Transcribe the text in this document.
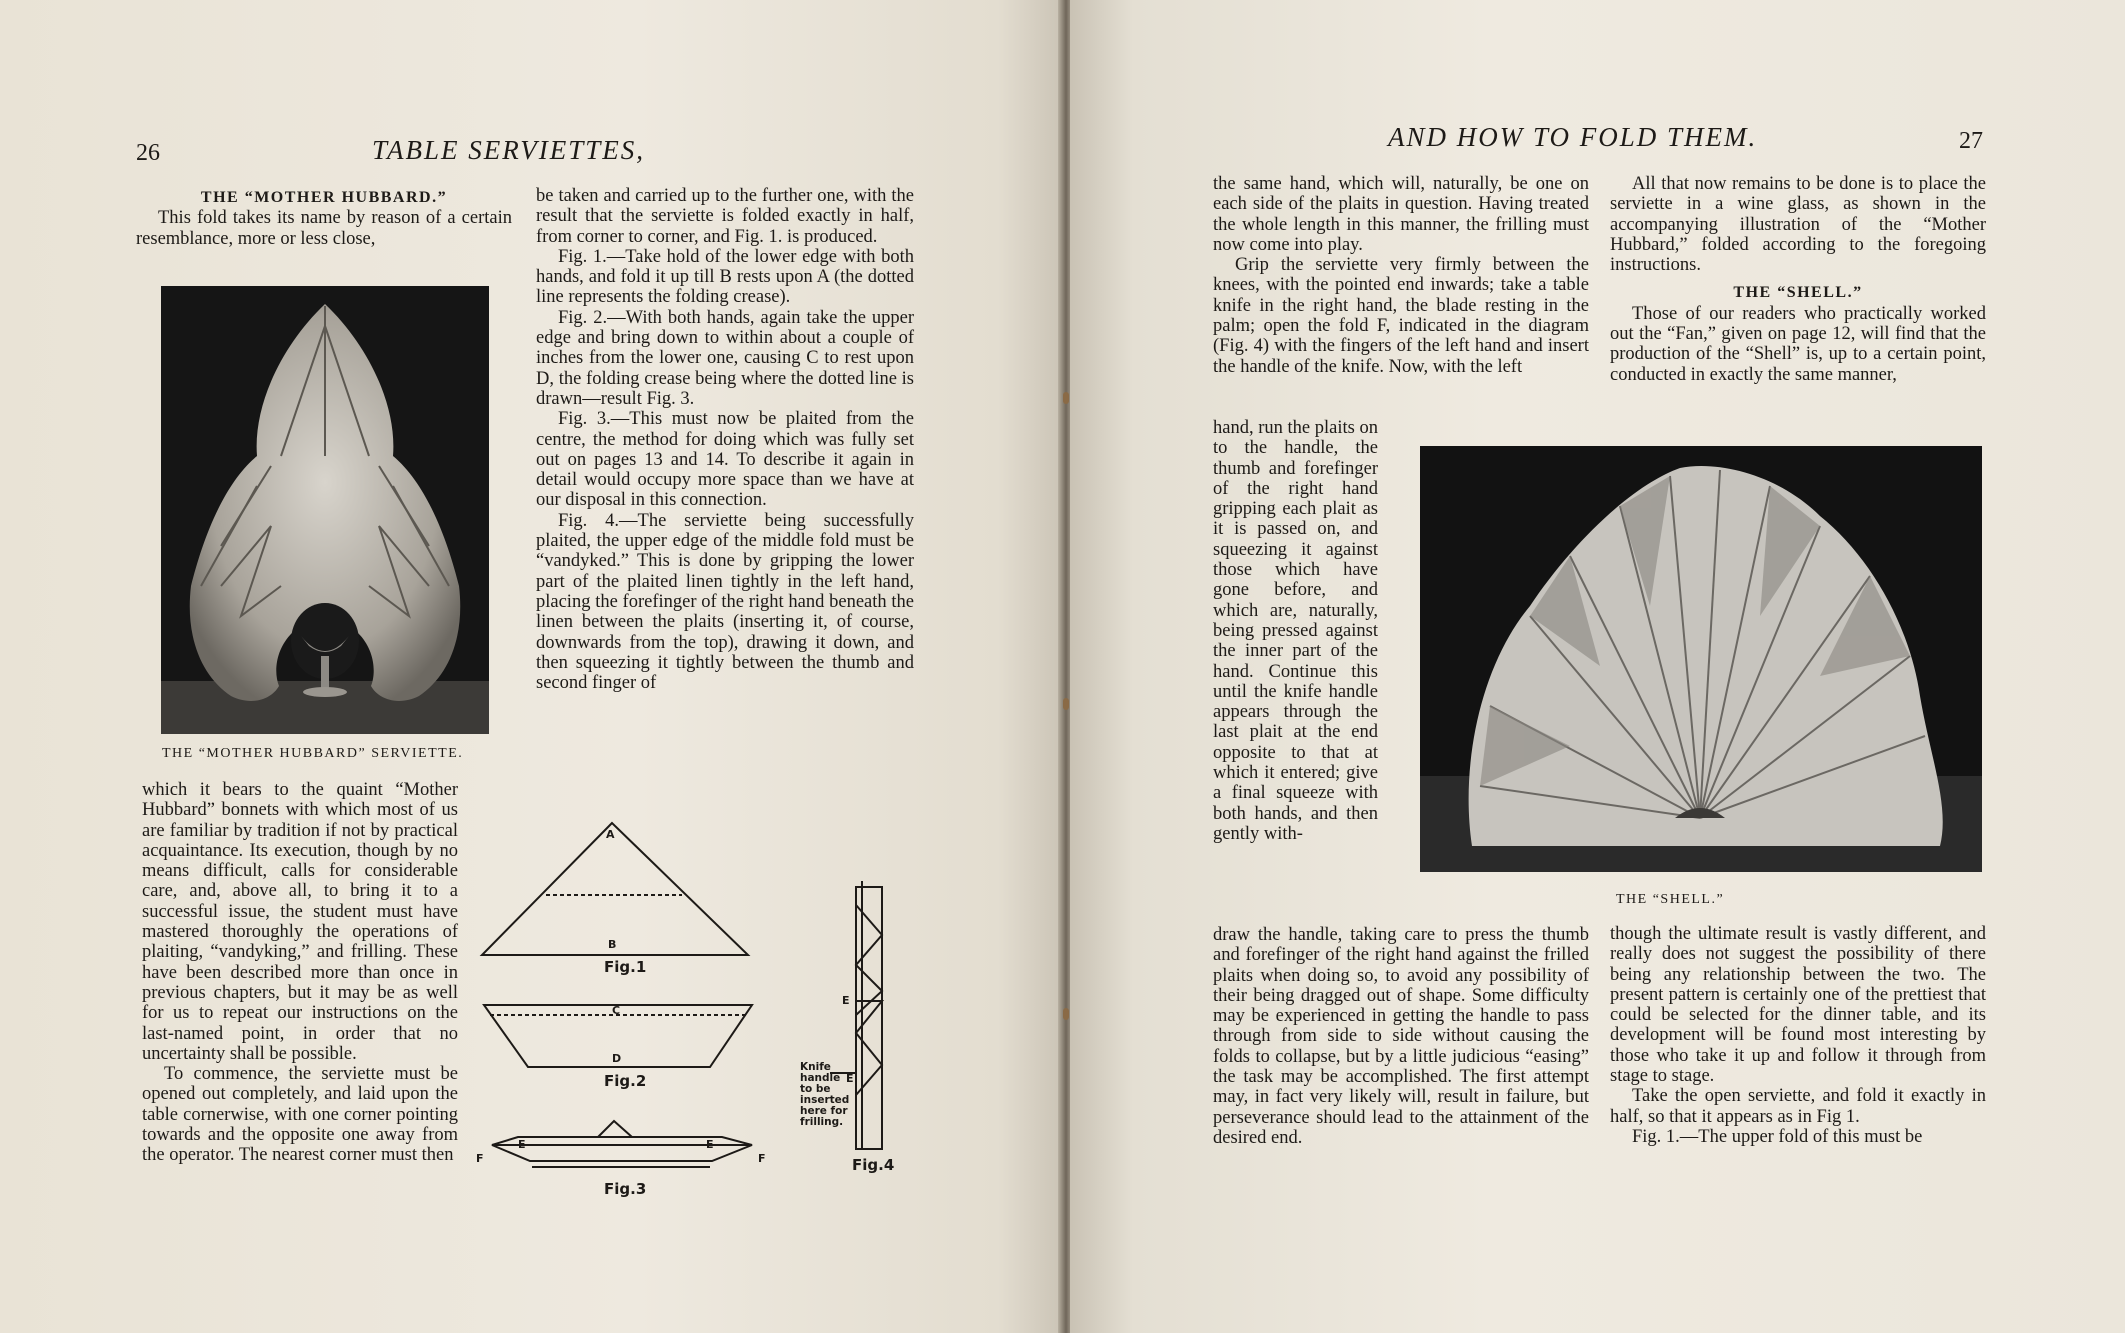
26	TABLE SERVIETTES,

THE “MOTHER HUBBARD.”

This fold takes its name by reason of a certain resemblance, more or less close,

THE “MOTHER HUBBARD” SERVIETTE.

which it bears to the quaint “Mother Hubbard” bonnets with which most of us are familiar by tradition if not by practical acquaintance. Its execution, though by no means difficult, calls for considerable care, and, above all, to bring it to a successful issue, the student must have mastered thoroughly the operations of plaiting, “vandyking,” and frilling. These have been described more than once in previous chapters, but it may be as well for us to repeat our instructions on the last-named point, in order that no uncertainty shall be possible.

To commence, the serviette must be opened out completely, and laid upon the table cornerwise, with one corner pointing towards and the opposite one away from the operator. The nearest corner must then

be taken and carried up to the further one, with the result that the serviette is folded exactly in half, from corner to corner, and Fig. 1. is produced.

Fig. 1.—Take hold of the lower edge with both hands, and fold it up till B rests upon A (the dotted line represents the folding crease).

Fig. 2.—With both hands, again take the upper edge and bring down to within about a couple of inches from the lower one, causing C to rest upon D, the folding crease being where the dotted line is drawn—result Fig. 3.

Fig. 3.—This must now be plaited from the centre, the method for doing which was fully set out on pages 13 and 14. To describe it again in detail would occupy more space than we have at our disposal in this connection.

Fig. 4.—The serviette being successfully plaited, the upper edge of the middle fold must be “vandyked.” This is done by gripping the lower part of the plaited linen tightly in the left hand, placing the forefinger of the right hand beneath the linen between the plaits (inserting it, of course, downwards from the top), drawing it down, and then squeezing it tightly between the thumb and second finger of

A
B
Fig.1
C
D
Fig.2
E	E
F	F
Fig.3
E
E
Knife
handle
to be
inserted
here for
frilling.
Fig.4
AND HOW TO FOLD THEM.	27

the same hand, which will, naturally, be one on each side of the plaits in question. Having treated the whole length in this manner, the frilling must now come into play.

Grip the serviette very firmly between the knees, with the pointed end inwards; take a table knife in the right hand, the blade resting in the palm; open the fold F, indicated in the diagram (Fig. 4) with the fingers of the left hand and insert the handle of the knife. Now, with the left

hand, run the plaits on to the handle, the thumb and forefinger of the right hand gripping each plait as it is passed on, and squeezing it against those which have gone before, and which are, naturally, being pressed against the inner part of the hand. Continue this until the knife handle appears through the last plait at the end opposite to that at which it entered; give a final squeeze with both hands, and then gently with-

draw the handle, taking care to press the thumb and forefinger of the right hand against the frilled plaits when doing so, to avoid any possibility of their being dragged out of shape. Some difficulty may be experienced in getting the handle to pass through from side to side without causing the folds to collapse, but by a little judicious “easing” the task may be accomplished. The first attempt may, in fact very likely will, result in failure, but perseverance should lead to the attainment of the desired end.

All that now remains to be done is to place the serviette in a wine glass, as shown in the accompanying illustration of the “Mother Hubbard,” folded according to the foregoing instructions.

THE “SHELL.”

Those of our readers who practically worked out the “Fan,” given on page 12, will find that the production of the “Shell” is, up to a certain point, conducted in exactly the same manner,

THE “SHELL.”

though the ultimate result is vastly different, and really does not suggest the possibility of there being any relationship between the two. The present pattern is certainly one of the prettiest that could be selected for the dinner table, and its development will be found most interesting by those who take it up and follow it through from stage to stage.

Take the open serviette, and fold it exactly in half, so that it appears as in Fig 1.

Fig. 1.—The upper fold of this must be
